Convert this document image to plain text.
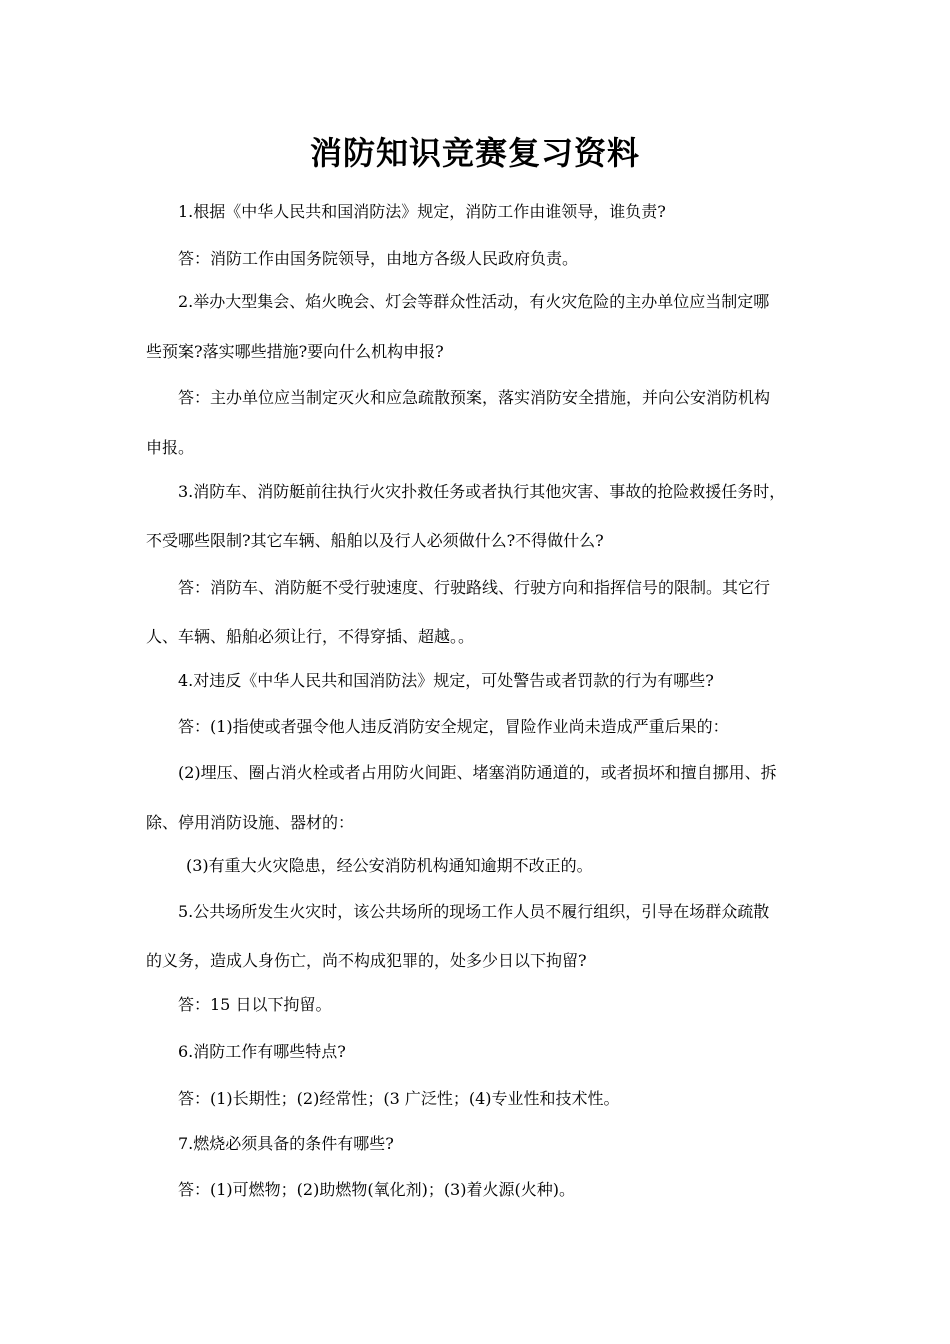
消防知识竞赛复习资料
1.根据《中华人民共和国消防法》规定，消防工作由谁领导，谁负责?
答：消防工作由国务院领导，由地方各级人民政府负责。
2.举办大型集会、焰火晚会、灯会等群众性活动，有火灾危险的主办单位应当制定哪
些预案?落实哪些措施?要向什么机构申报?
答：主办单位应当制定灭火和应急疏散预案，落实消防安全措施，并向公安消防机构
申报。
3.消防车、消防艇前往执行火灾扑救任务或者执行其他灾害、事故的抢险救援任务时，
不受哪些限制?其它车辆、船舶以及行人必须做什么?不得做什么?
答：消防车、消防艇不受行驶速度、行驶路线、行驶方向和指挥信号的限制。其它行
人、车辆、船舶必须让行，不得穿插、超越。。
4.对违反《中华人民共和国消防法》规定，可处警告或者罚款的行为有哪些?
答：(1)指使或者强令他人违反消防安全规定，冒险作业尚未造成严重后果的：
(2)埋压、圈占消火栓或者占用防火间距、堵塞消防通道的，或者损坏和擅自挪用、拆
除、停用消防设施、器材的：
(3)有重大火灾隐患，经公安消防机构通知逾期不改正的。
5.公共场所发生火灾时，该公共场所的现场工作人员不履行组织，引导在场群众疏散
的义务，造成人身伤亡，尚不构成犯罪的，处多少日以下拘留?
答：15 日以下拘留。
6.消防工作有哪些特点?
答：(1)长期性；(2)经常性；(3 广泛性；(4)专业性和技术性。
7.燃烧必须具备的条件有哪些?
答：(1)可燃物；(2)助燃物(氧化剂)；(3)着火源(火种)。
